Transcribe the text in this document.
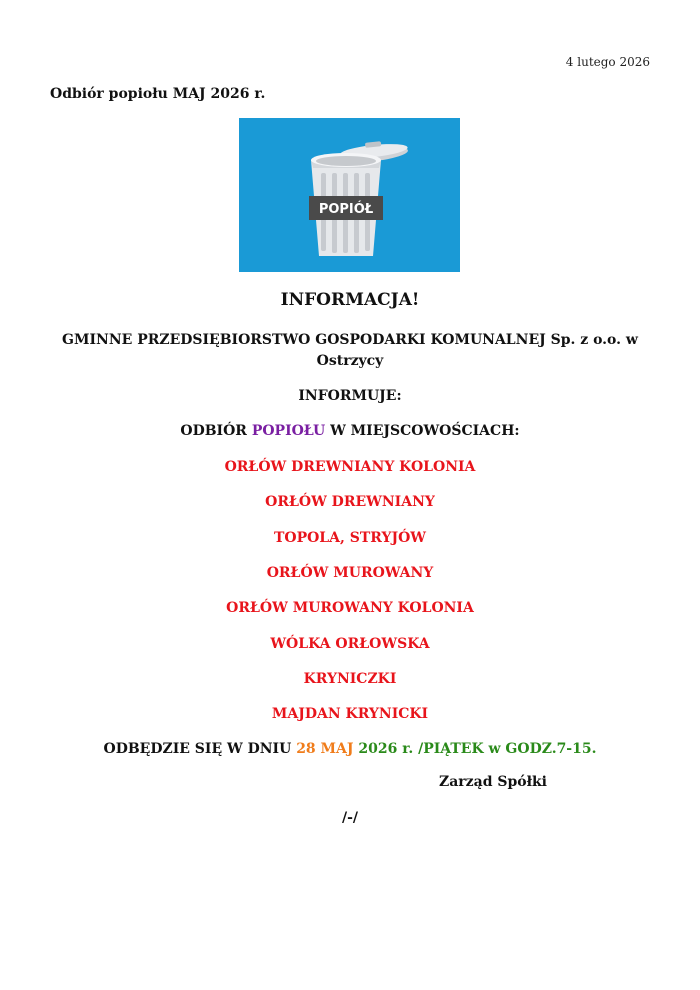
4 lutego 2026
Odbiór popiołu MAJ 2026 r.
POPIÓŁ
INFORMACJA!
GMINNE PRZEDSIĘBIORSTWO GOSPODARKI KOMUNALNEJ Sp. z o.o. w Ostrzycy
INFORMUJE:
ODBIÓR POPIOŁU W MIEJSCOWOŚCIACH:
ORŁÓW DREWNIANY KOLONIA
ORŁÓW DREWNIANY
TOPOLA, STRYJÓW
ORŁÓW MUROWANY
ORŁÓW MUROWANY KOLONIA
WÓLKA ORŁOWSKA
KRYNICZKI
MAJDAN KRYNICKI
ODBĘDZIE SIĘ W DNIU 28 MAJ 2026 r. /PIĄTEK w GODZ.7-15.
Zarząd Spółki
/-/
